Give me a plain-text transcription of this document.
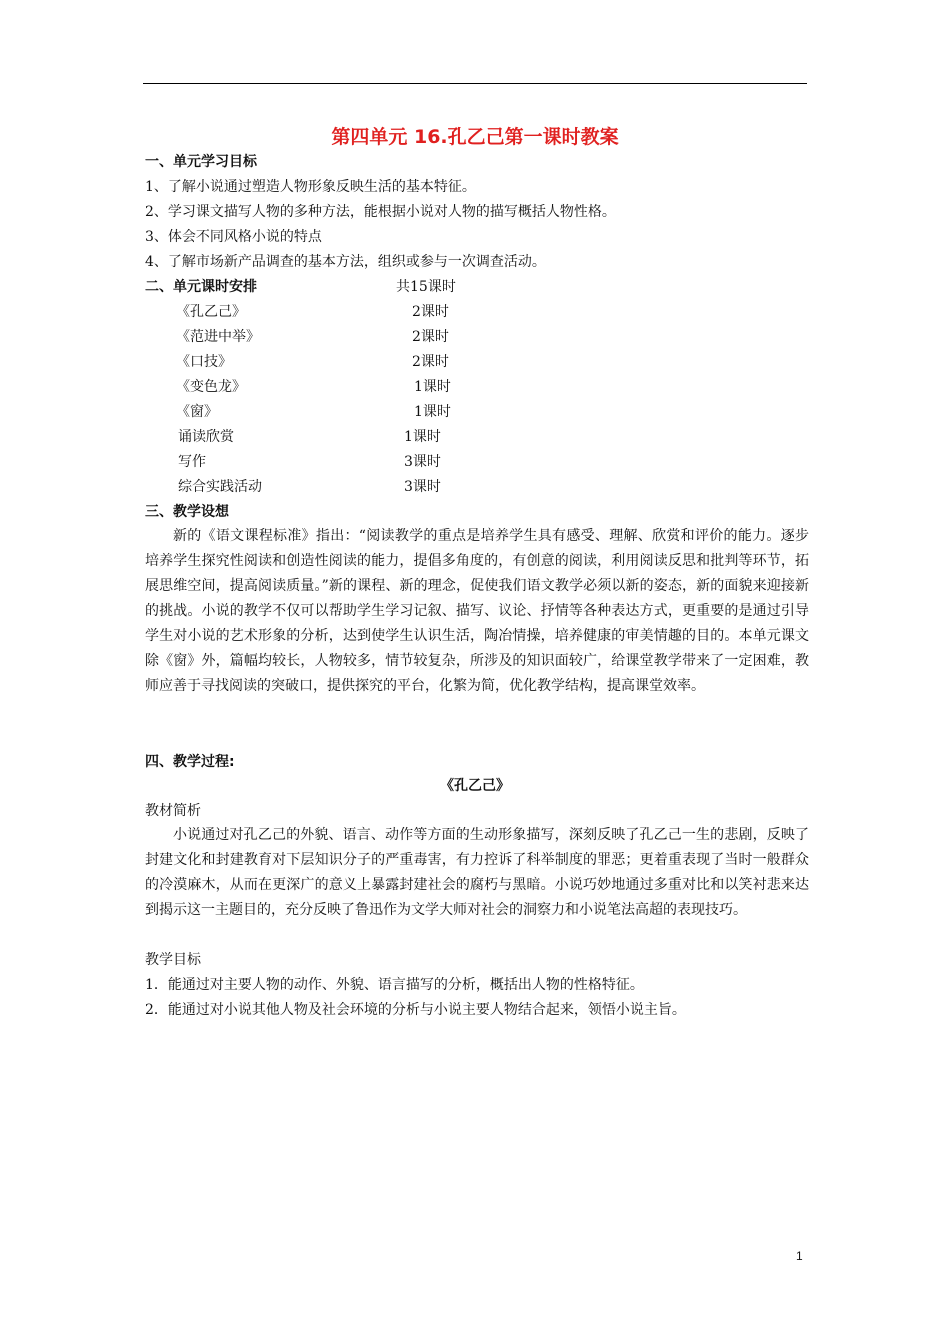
第四单元 16.孔乙己第一课时教案
一、单元学习目标
1、了解小说通过塑造人物形象反映生活的基本特征。
2、学习课文描写人物的多种方法，能根据小说对人物的描写概括人物性格。
3、体会不同风格小说的特点
4、了解市场新产品调查的基本方法，组织或参与一次调查活动。
二、单元课时安排	共15课时
《孔乙己》	2课时
《范进中举》	2课时
《口技》	2课时
《变色龙》	1课时
《窗》	1课时
诵读欣赏	1课时
写作	3课时
综合实践活动	3课时
三、教学设想
新的《语文课程标准》指出：“阅读教学的重点是培养学生具有感受、理解、欣赏和评价的能力。逐步培养学生探究性阅读和创造性阅读的能力，提倡多角度的，有创意的阅读，利用阅读反思和批判等环节，拓展思维空间，提高阅读质量。”新的课程、新的理念，促使我们语文教学必须以新的姿态，新的面貌来迎接新的挑战。小说的教学不仅可以帮助学生学习记叙、描写、议论、抒情等各种表达方式，更重要的是通过引导学生对小说的艺术形象的分析，达到使学生认识生活，陶冶情操，培养健康的审美情趣的目的。本单元课文除《窗》外，篇幅均较长，人物较多，情节较复杂，所涉及的知识面较广，给课堂教学带来了一定困难，教师应善于寻找阅读的突破口，提供探究的平台，化繁为简，优化教学结构，提高课堂效率。
四、教学过程:
《孔乙己》
教材简析
小说通过对孔乙己的外貌、语言、动作等方面的生动形象描写，深刻反映了孔乙己一生的悲剧，反映了封建文化和封建教育对下层知识分子的严重毒害，有力控诉了科举制度的罪恶；更着重表现了当时一般群众的冷漠麻木，从而在更深广的意义上暴露封建社会的腐朽与黑暗。小说巧妙地通过多重对比和以笑衬悲来达到揭示这一主题目的，充分反映了鲁迅作为文学大师对社会的洞察力和小说笔法高超的表现技巧。
教学目标
1．能通过对主要人物的动作、外貌、语言描写的分析，概括出人物的性格特征。
2．能通过对小说其他人物及社会环境的分析与小说主要人物结合起来，领悟小说主旨。
1
